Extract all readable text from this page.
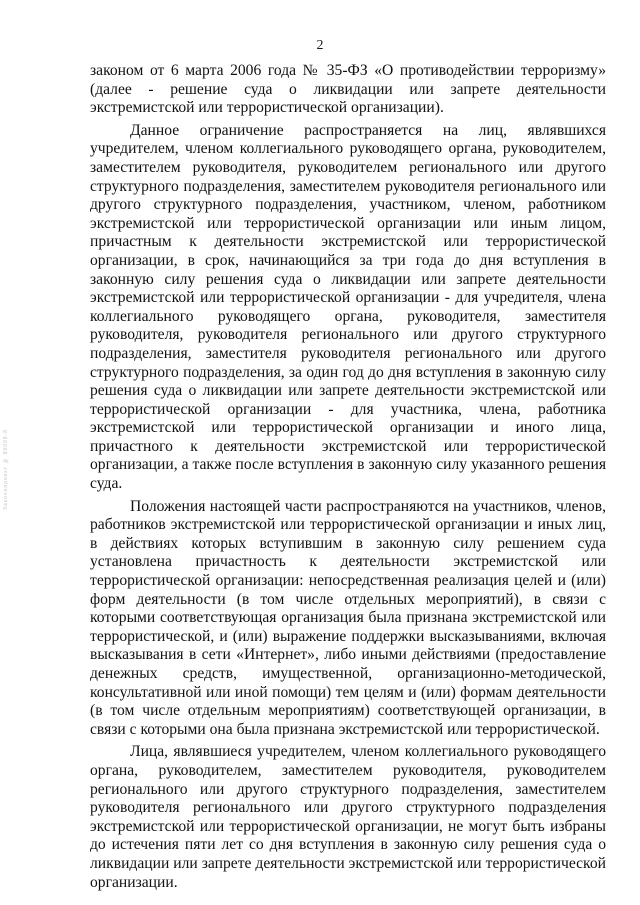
Законопроект № 80088-8
2

законом от 6 марта 2006 года № 35-ФЗ «О противодействии терроризму» (далее - решение суда о ликвидации или запрете деятельности экстремистской или террористической организации).

Данное ограничение распространяется на лиц, являвшихся учредителем, членом коллегиального руководящего органа, руководителем, заместителем руководителя, руководителем регионального или другого структурного подразделения, заместителем руководителя регионального или другого структурного подразделения, участником, членом, работником экстремистской или террористической организации или иным лицом, причастным к деятельности экстремистской или террористической организации, в срок, начинающийся за три года до дня вступления в законную силу решения суда о ликвидации или запрете деятельности экстремистской или террористической организации - для учредителя, члена коллегиального руководящего органа, руководителя, заместителя руководителя, руководителя регионального или другого структурного подразделения, заместителя руководителя регионального или другого структурного подразделения, за один год до дня вступления в законную силу решения суда о ликвидации или запрете деятельности экстремистской или террористической организации - для участника, члена, работника экстремистской или террористической организации и иного лица, причастного к деятельности экстремистской или террористической организации, а также после вступления в законную силу указанного решения суда.

Положения настоящей части распространяются на участников, членов, работников экстремистской или террористической организации и иных лиц, в действиях которых вступившим в законную силу решением суда установлена причастность к деятельности экстремистской или террористической организации: непосредственная реализация целей и (или) форм деятельности (в том числе отдельных мероприятий), в связи с которыми соответствующая организация была признана экстремистской или террористической, и (или) выражение поддержки высказываниями, включая высказывания в сети «Интернет», либо иными действиями (предоставление денежных средств, имущественной, организационно-методической, консультативной или иной помощи) тем целям и (или) формам деятельности (в том числе отдельным мероприятиям) соответствующей организации, в связи с которыми она была признана экстремистской или террористической.

Лица, являвшиеся учредителем, членом коллегиального руководящего органа, руководителем, заместителем руководителя, руководителем регионального или другого структурного подразделения, заместителем руководителя регионального или другого структурного подразделения экстремистской или террористической организации, не могут быть избраны до истечения пяти лет со дня вступления в законную силу решения суда о ликвидации или запрете деятельности экстремистской или террористической организации.
